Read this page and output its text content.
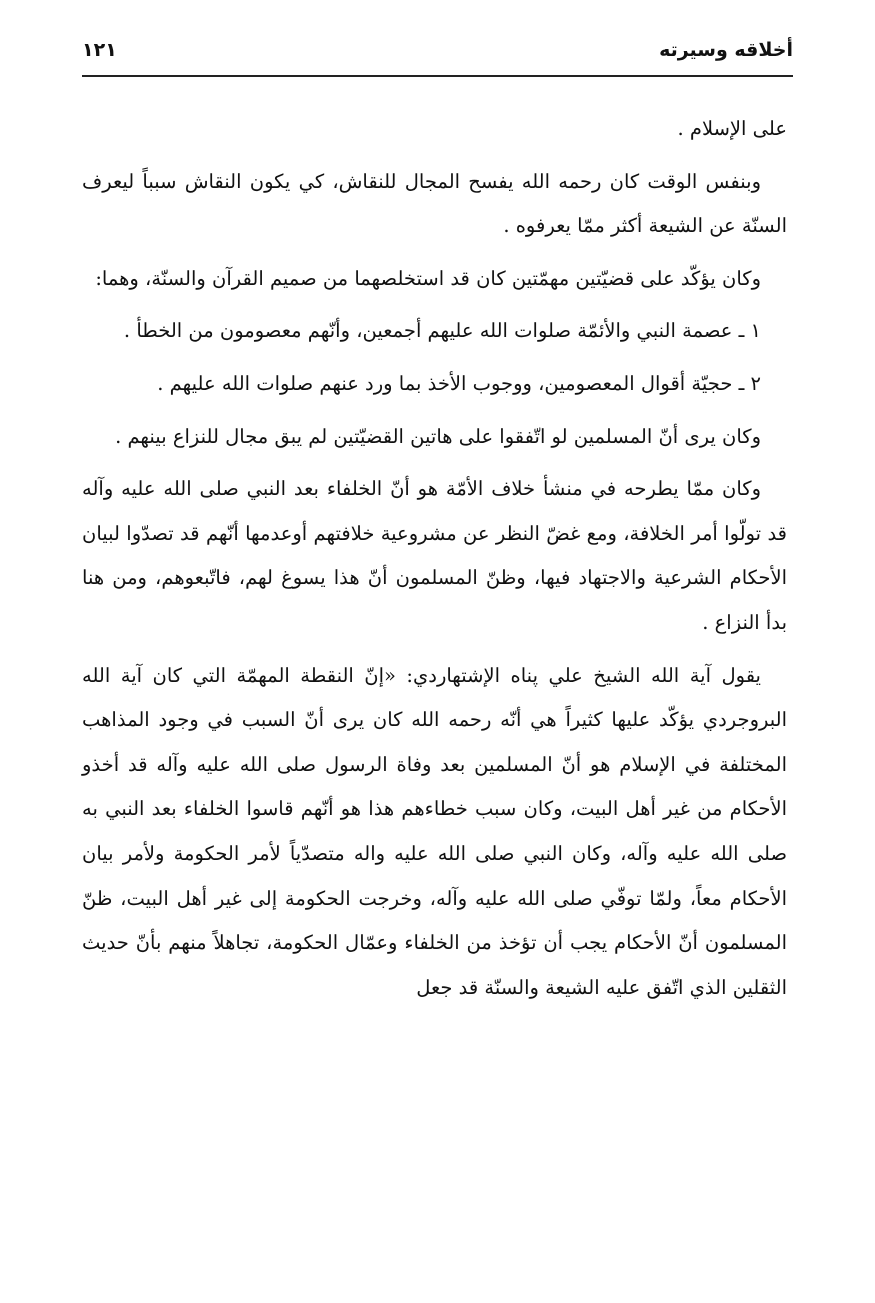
أخلاقه وسيرته
١٢١

على الإسلام .

وبنفس الوقت كان رحمه الله يفسح المجال للنقاش، كي يكون النقاش سبباً ليعرف السنّة عن الشيعة أكثر ممّا يعرفوه .

وكان يؤكّد على قضيّتين مهمّتين كان قد استخلصهما من صميم القرآن والسنّة، وهما:

١ ـ عصمة النبي والأئمّة صلوات الله عليهم أجمعين، وأنّهم معصومون من الخطأ .

٢ ـ حجيّة أقوال المعصومين، ووجوب الأخذ بما ورد عنهم صلوات الله عليهم .

وكان يرى أنّ المسلمين لو اتّفقوا على هاتين القضيّتين لم يبق مجال للنزاع بينهم .

وكان ممّا يطرحه في منشأ خلاف الأمّة هو أنّ الخلفاء بعد النبي صلى الله عليه وآله قد تولّوا أمر الخلافة، ومع غضّ النظر عن مشروعية خلافتهم أوعدمها أنّهم قد تصدّوا لبيان الأحكام الشرعية والاجتهاد فيها، وظنّ المسلمون أنّ هذا يسوغ لهم، فاتّبعوهم، ومن هنا بدأ النزاع .

يقول آية الله الشيخ علي پناه الإشتهاردي: «إنّ النقطة المهمّة التي كان آية الله البروجردي يؤكّد عليها كثيراً هي أنّه رحمه الله كان يرى أنّ السبب في وجود المذاهب المختلفة في الإسلام هو أنّ المسلمين بعد وفاة الرسول صلى الله عليه وآله قد أخذو الأحكام من غير أهل البيت، وكان سبب خطاءهم هذا هو أنّهم قاسوا الخلفاء بعد النبي به صلى الله عليه وآله، وكان النبي صلى الله عليه واله متصدّياً لأمر الحكومة ولأمر بيان الأحكام معاً، ولمّا توفّي صلى الله عليه وآله، وخرجت الحكومة إلى غير أهل البيت، ظنّ المسلمون أنّ الأحكام يجب أن تؤخذ من الخلفاء وعمّال الحكومة، تجاهلاً منهم بأنّ حديث الثقلين الذي اتّفق عليه الشيعة والسنّة قد جعل
